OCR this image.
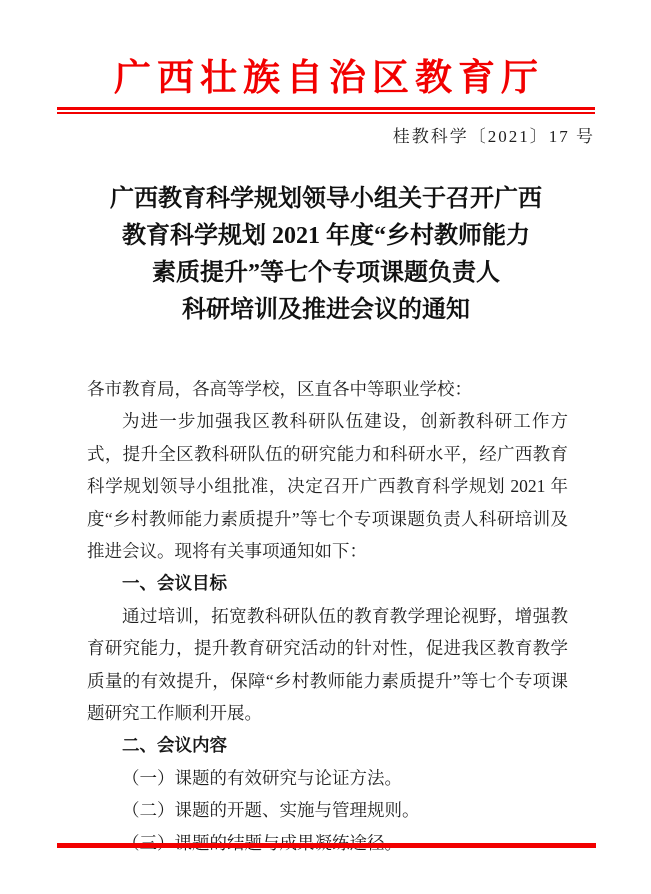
广西壮族自治区教育厅
桂教科学〔2021〕17 号
广西教育科学规划领导小组关于召开广西
教育科学规划 2021 年度“乡村教师能力
素质提升”等七个专项课题负责人
科研培训及推进会议的通知

各市教育局，各高等学校，区直各中等职业学校：

为进一步加强我区教科研队伍建设，创新教科研工作方式，提升全区教科研队伍的研究能力和科研水平，经广西教育科学规划领导小组批准，决定召开广西教育科学规划 2021 年度“乡村教师能力素质提升”等七个专项课题负责人科研培训及推进会议。现将有关事项通知如下：

一、会议目标

通过培训，拓宽教科研队伍的教育教学理论视野，增强教育研究能力，提升教育研究活动的针对性，促进我区教育教学质量的有效提升，保障“乡村教师能力素质提升”等七个专项课题研究工作顺利开展。

二、会议内容

（一）课题的有效研究与论证方法。

（二）课题的开题、实施与管理规则。
